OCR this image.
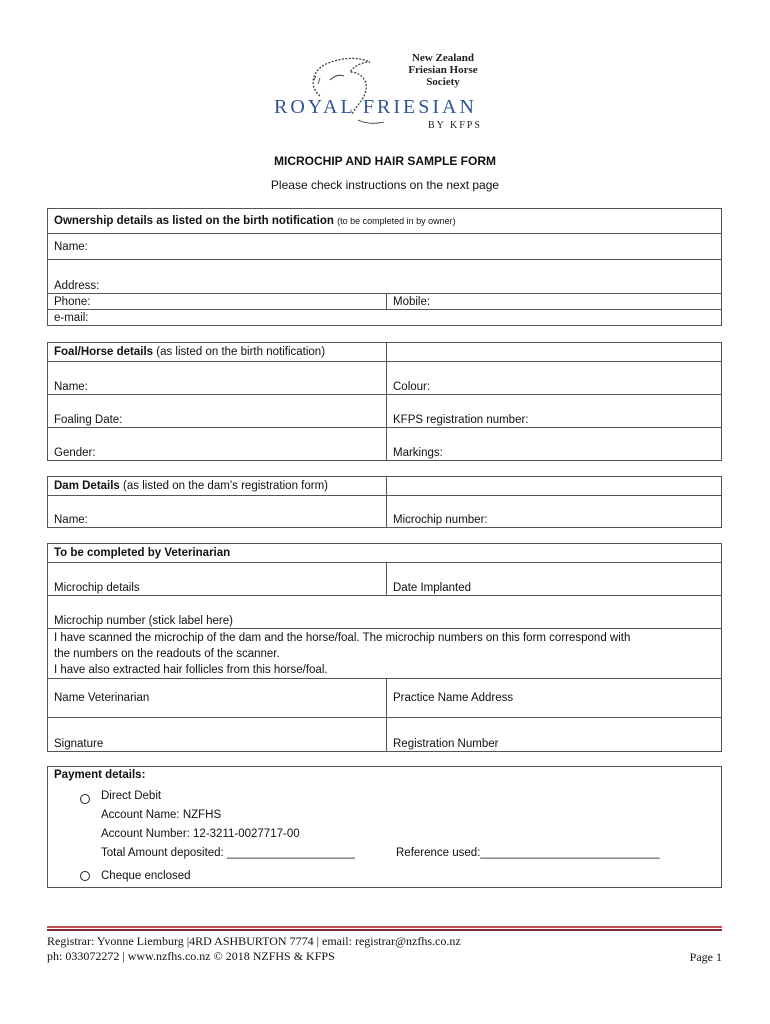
New Zealand
Friesian Horse
Society
ROYAL FRIESIAN
BY KFPS
MICROCHIP AND HAIR SAMPLE FORM
Please check instructions on the next page
Ownership details as listed on the birth notification
(to be completed in by owner)
Name:
Address:
Phone:	Mobile:
e-mail:
Foal/Horse details
(as listed on the birth notification)
Name:	Colour:
Foaling Date:	KFPS registration number:
Gender:	Markings:
Dam Details
(as listed on the dam’s registration form)
Name:	Microchip number:
To be completed by Veterinarian
Microchip details	Date Implanted
Microchip number (stick label here)
I have scanned the microchip of the dam and the horse/foal. The microchip numbers on this form correspond with
the numbers on the readouts of the scanner.
I have also extracted hair follicles from this horse/foal.
Name Veterinarian	Practice Name Address
Signature	Registration Number
Payment details:
Direct Debit
Account Name: NZFHS
Account Number: 12-3211-0027717-00
Total Amount deposited: ____________________	Reference used:____________________________
Cheque enclosed
Registrar: Yvonne Liemburg |4RD ASHBURTON 7774 | email: registrar@nzfhs.co.nz
ph: 033072272 | www.nzfhs.co.nz © 2018 NZFHS & KFPS	Page 1
